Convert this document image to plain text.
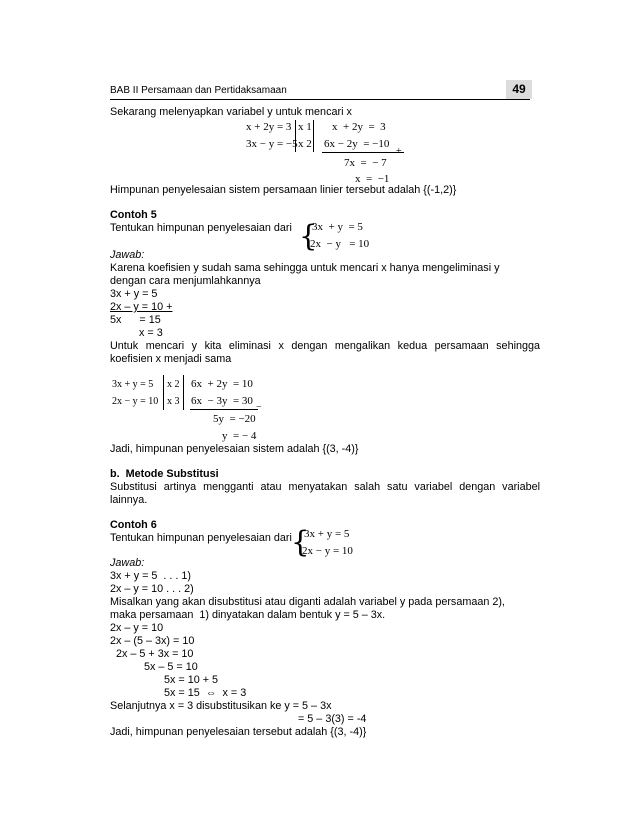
BAB II Persamaan dan Pertidaksamaan	49
Sekarang melenyapkan variabel y untuk mencari x
x + 2y = 3 x 1 x  + 2y  =  3
3x − y = −5 x 2 6x − 2y  = −10
+
7x  =  − 7
x  =  −1
Himpunan penyelesaian sistem persamaan linier tersebut adalah {(-1,2)}
Contoh 5
Tentukan himpunan penyelesaian dari {
3x  + y  = 5
2x  − y   = 10
Jawab:
Karena koefisien y sudah sama sehingga untuk mencari x hanya mengeliminasi y
dengan cara menjumlahkannya
3x + y = 5
2x – y = 10 +
5x      = 15
x = 3
Untuk mencari y kita eliminasi x dengan mengalikan kedua persamaan sehingga
koefisien x menjadi sama
3x + y = 5 x 2 6x  + 2y  = 10
2x − y = 10 x 3 6x  − 3y  = 30
−
5y  = −20
y  = − 4
Jadi, himpunan penyelesaian sistem adalah {(3, -4)}
b.  Metode Substitusi
Substitusi artinya mengganti atau menyatakan salah satu variabel dengan variabel
lainnya.
Contoh 6
Tentukan himpunan penyelesaian dari {
3x + y = 5
2x − y = 10
Jawab:
3x + y = 5  . . . 1)
2x – y = 10 . . . 2)
Misalkan yang akan disubstitusi atau diganti adalah variabel y pada persamaan 2),
maka persamaan  1) dinyatakan dalam bentuk y = 5 – 3x.
2x – y = 10
2x – (5 – 3x) = 10
2x – 5 + 3x = 10
5x – 5 = 10
5x = 10 + 5
5x = 15  ⇔  x = 3
Selanjutnya x = 3 disubstitusikan ke y = 5 – 3x
= 5 – 3(3) = -4
Jadi, himpunan penyelesaian tersebut adalah {(3, -4)}
